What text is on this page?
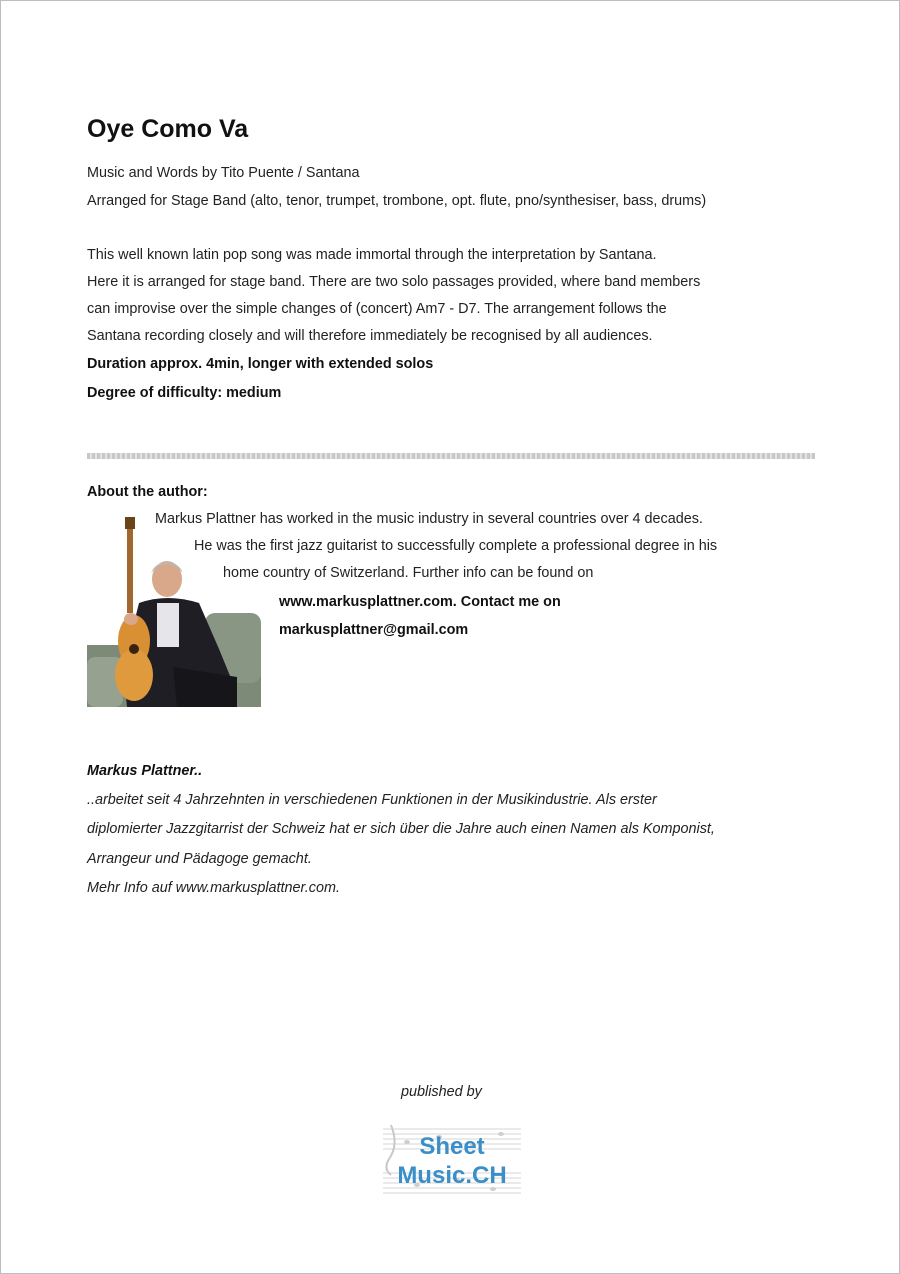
Oye Como Va
Music and Words by Tito Puente / Santana
Arranged for Stage Band (alto, tenor, trumpet, trombone, opt. flute, pno/synthesiser, bass, drums)
This well known latin pop song was made immortal through the interpretation by Santana.
Here it is arranged for stage band. There are two solo passages provided, where band members
can improvise over the simple changes of (concert) Am7 - D7. The arrangement follows the
Santana recording closely and will therefore immediately be recognised by all audiences.
Duration approx. 4min, longer with extended solos
Degree of difficulty: medium
About the author:
Markus Plattner has worked in the music industry in several countries over 4 decades.
He was the first jazz guitarist to successfully complete a professional degree in his
home country of Switzerland. Further info can be found on
www.markusplattner.com. Contact me on
markusplattner@gmail.com
Markus Plattner..
..arbeitet seit 4 Jahrzehnten in verschiedenen Funktionen in der Musikindustrie. Als erster
diplomierter Jazzgitarrist der Schweiz hat er sich über die Jahre auch einen Namen als Komponist,
Arrangeur und Pädagoge gemacht.
Mehr Info auf www.markusplattner.com.
published by
Sheet
Music.CH
